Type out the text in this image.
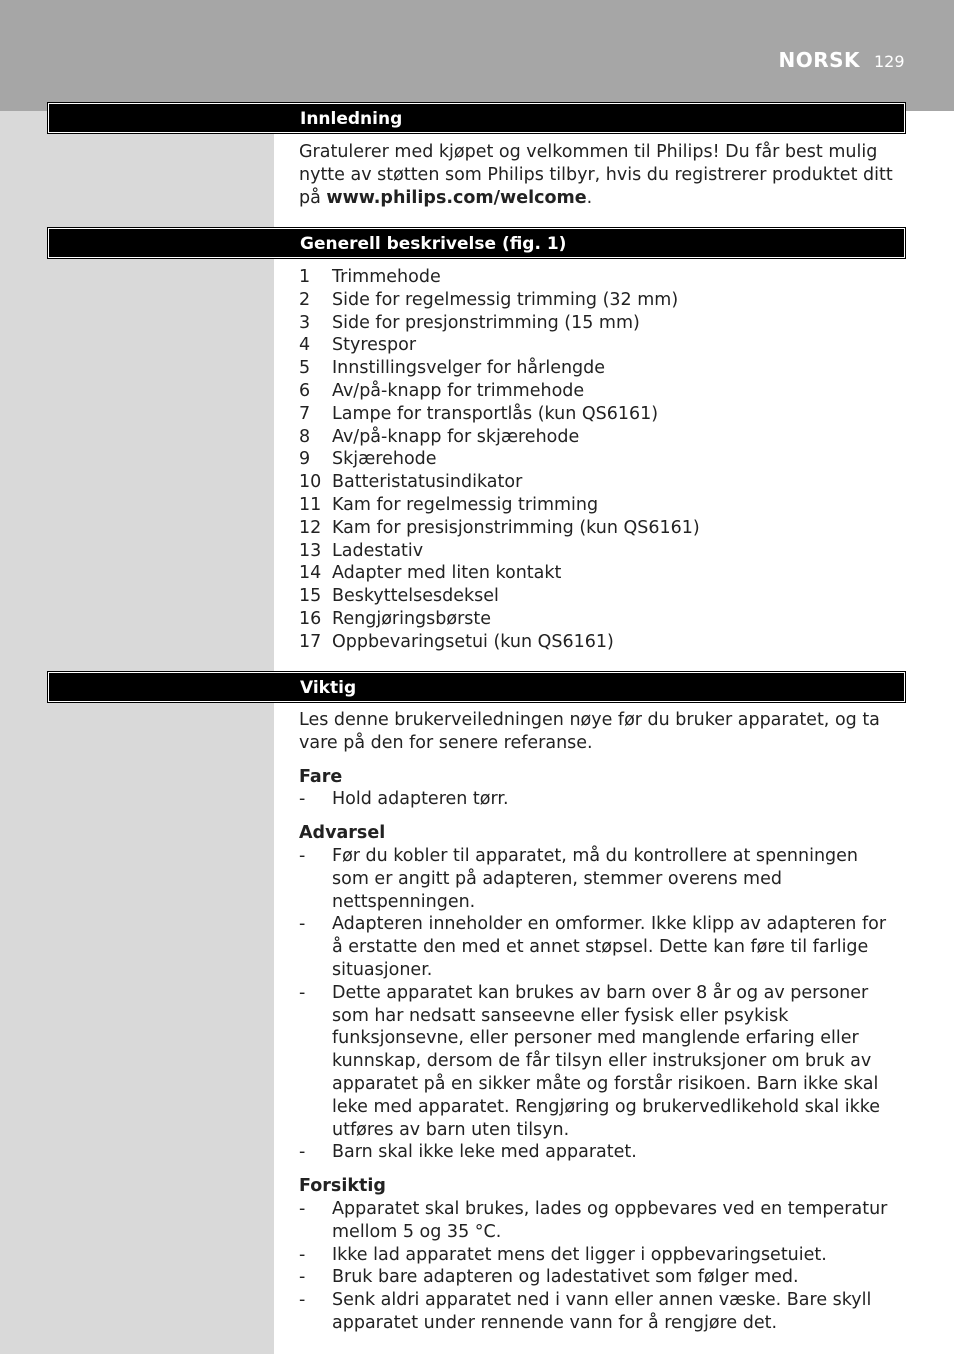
NORSK 129
Innledning

Gratulerer med kjøpet og velkommen til Philips! Du får best mulig nytte av støtten som Philips tilbyr, hvis du registrerer produktet ditt på www.philips.com/welcome.

Generell beskrivelse (fig. 1)
1	Trimmehode
2	Side for regelmessig trimming (32 mm)
3	Side for presjonstrimming (15 mm)
4	Styrespor
5	Innstillingsvelger for hårlengde
6	Av/på-knapp for trimmehode
7	Lampe for transportlås (kun QS6161)
8	Av/på-knapp for skjærehode
9	Skjærehode
10 Batteristatusindikator
11 Kam for regelmessig trimming
12 Kam for presisjonstrimming (kun QS6161)
13 Ladestativ
14 Adapter med liten kontakt
15 Beskyttelsesdeksel
16 Rengjøringsbørste
17 Oppbevaringsetui (kun QS6161)
Viktig

Les denne brukerveiledningen nøye før du bruker apparatet, og ta vare på den for senere referanse.

Fare
-	Hold adapteren tørr.
Advarsel
-	Før du kobler til apparatet, må du kontrollere at spenningen som er angitt på adapteren, stemmer overens med nettspenningen.
-	Adapteren inneholder en omformer. Ikke klipp av adapteren for å erstatte den med et annet støpsel. Dette kan føre til farlige situasjoner.
-	Dette apparatet kan brukes av barn over 8 år og av personer som har nedsatt sanseevne eller fysisk eller psykisk funksjonsevne, eller personer med manglende erfaring eller kunnskap, dersom de får tilsyn eller instruksjoner om bruk av apparatet på en sikker måte og forstår risikoen. Barn ikke skal leke med apparatet. Rengjøring og brukervedlikehold skal ikke utføres av barn uten tilsyn.
-	Barn skal ikke leke med apparatet.
Forsiktig
-	Apparatet skal brukes, lades og oppbevares ved en temperatur mellom 5 og 35 °C.
-	Ikke lad apparatet mens det ligger i oppbevaringsetuiet.
-	Bruk bare adapteren og ladestativet som følger med.
-	Senk aldri apparatet ned i vann eller annen væske. Bare skyll apparatet under rennende vann for å rengjøre det.
